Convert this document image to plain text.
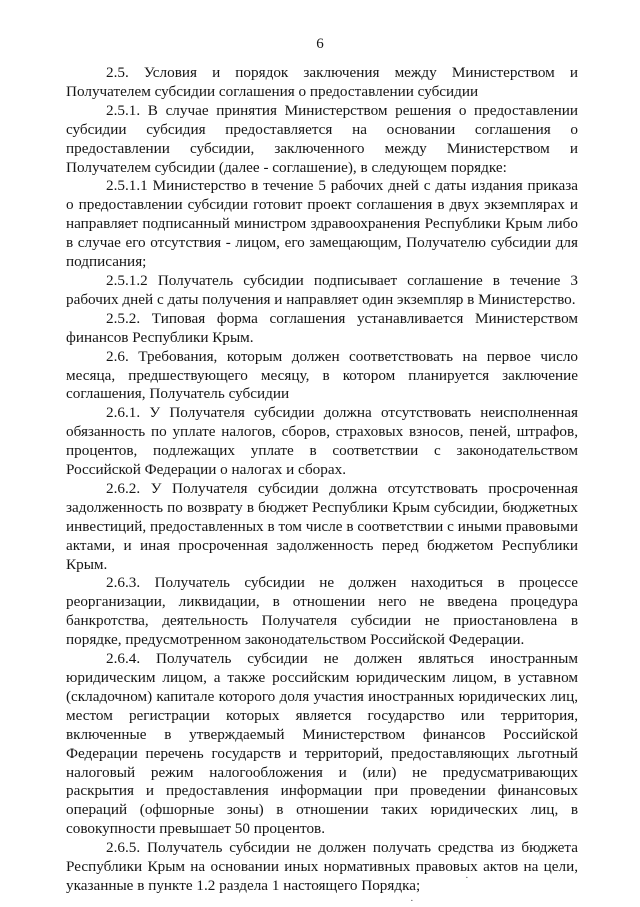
6

2.5. Условия и порядок заключения между Министерством и Получателем субсидии соглашения о предоставлении субсидии

2.5.1. В случае принятия Министерством решения о предоставлении субсидии субсидия предоставляется на основании соглашения о предоставлении субсидии, заключенного между Министерством и Получателем субсидии (далее - соглашение), в следующем порядке:

2.5.1.1 Министерство в течение 5 рабочих дней с даты издания приказа о предоставлении субсидии готовит проект соглашения в двух экземплярах и направляет подписанный министром здравоохранения Республики Крым либо в случае его отсутствия - лицом, его замещающим, Получателю субсидии для подписания;

2.5.1.2 Получатель субсидии подписывает соглашение в течение 3 рабочих дней с даты получения и направляет один экземпляр в Министерство.

2.5.2. Типовая форма соглашения устанавливается Министерством финансов Республики Крым.

2.6. Требования, которым должен соответствовать на первое число месяца, предшествующего месяцу, в котором планируется заключение соглашения, Получатель субсидии

2.6.1. У Получателя субсидии должна отсутствовать неисполненная обязанность по уплате налогов, сборов, страховых взносов, пеней, штрафов, процентов, подлежащих уплате в соответствии с законодательством Российской Федерации о налогах и сборах.

2.6.2. У Получателя субсидии должна отсутствовать просроченная задолженность по возврату в бюджет Республики Крым субсидии, бюджетных инвестиций, предоставленных в том числе в соответствии с иными правовыми актами, и иная просроченная задолженность перед бюджетом Республики Крым.

2.6.3. Получатель субсидии не должен находиться в процессе реорганизации, ликвидации, в отношении него не введена процедура банкротства, деятельность Получателя субсидии не приостановлена в порядке, предусмотренном законодательством Российской Федерации.

2.6.4. Получатель субсидии не должен являться иностранным юридическим лицом, а также российским юридическим лицом, в уставном (складочном) капитале которого доля участия иностранных юридических лиц, местом регистрации которых является государство или территория, включенные в утверждаемый Министерством финансов Российской Федерации перечень государств и территорий, предоставляющих льготный налоговый режим налогообложения и (или) не предусматривающих раскрытия и предоставления информации при проведении финансовых операций (офшорные зоны) в отношении таких юридических лиц, в совокупности превышает 50 процентов.

2.6.5. Получатель субсидии не должен получать средства из бюджета Республики Крым на основании иных нормативных правовых актов на цели, указанные в пункте 1.2 раздела 1 настоящего Порядка;	·
·
